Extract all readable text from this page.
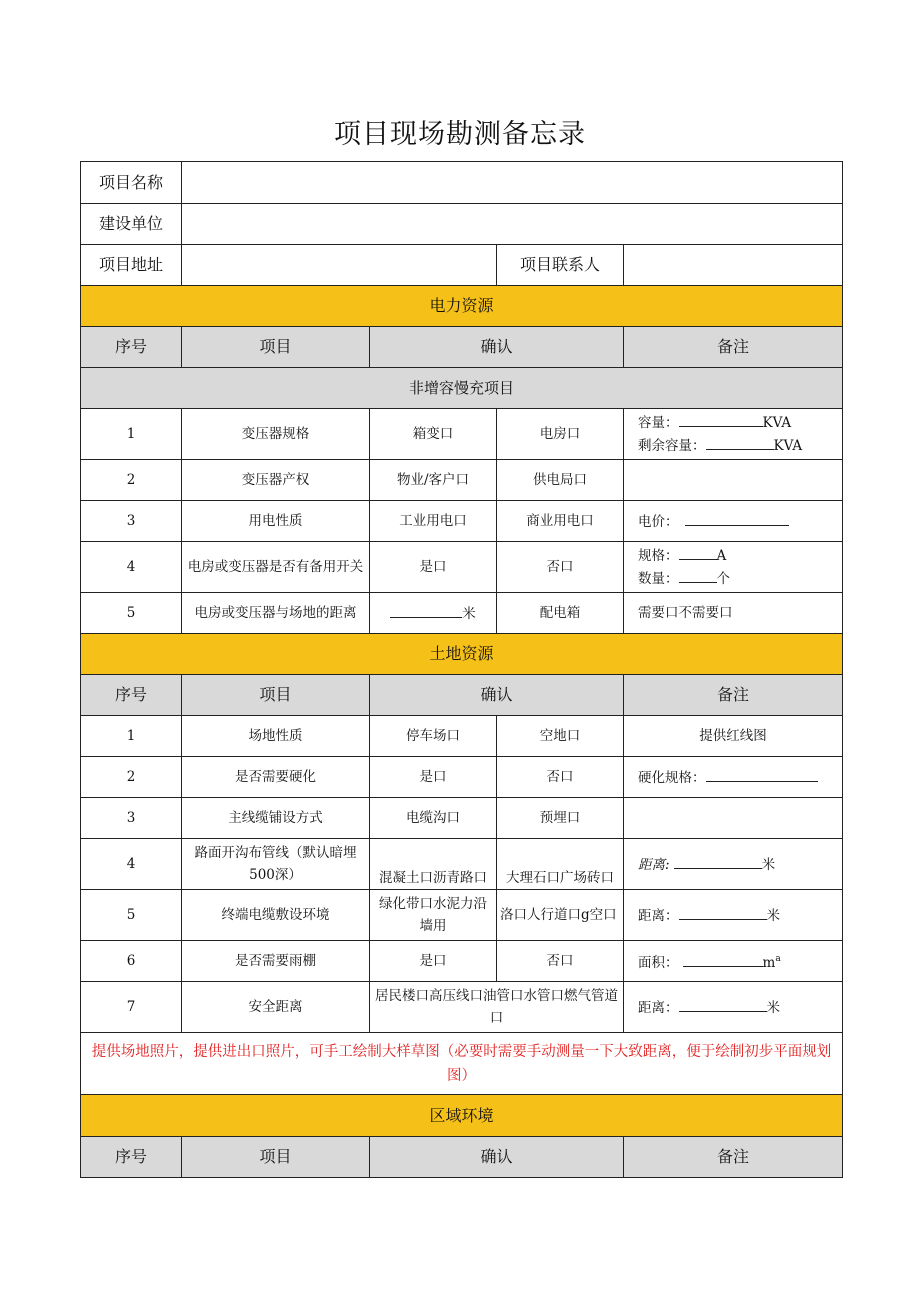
项目现场勘测备忘录
项目名称				
建设单位				
项目地址			项目联系人	
电力资源				
序号	项目	确认		备注
非增容慢充项目				
1	变压器规格	箱变口	电房口	容量： KVA
剩余容量： KVA

2	变压器产权	物业/客户口	供电局口	
3	用电性质	工业用电口	商业用电口	电价：
4	电房或变压器是否有备用开关	是口	否口	规格： A
数量： 个

5	电房或变压器与场地的距离	米	配电箱	需要口不需要口
土地资源				
序号	项目	确认		备注
1	场地性质	停车场口	空地口	提供红线图
2	是否需要硬化	是口	否口	硬化规格：
3	主线缆铺设方式	电缆沟口	预埋口	
4	路面开沟布管线（默认暗埋500深）	混凝土口沥青路口	大理石口广场砖口	距离: 米
5	终端电缆敷设环境	绿化带口水泥力沿墙用	洛口人行道口g空口	距离： 米
6	是否需要雨棚	是口	否口	面积： $m^a$
7	安全距离	居民楼口高压线口油管口水管口燃气管道口		距离： 米
提供场地照片，提供进出口照片，可手工绘制大样草图（必要时需要手动测量一下大致距离，便于绘制初步平面规划图）				
区域环境				
序号	项目	确认		备注
